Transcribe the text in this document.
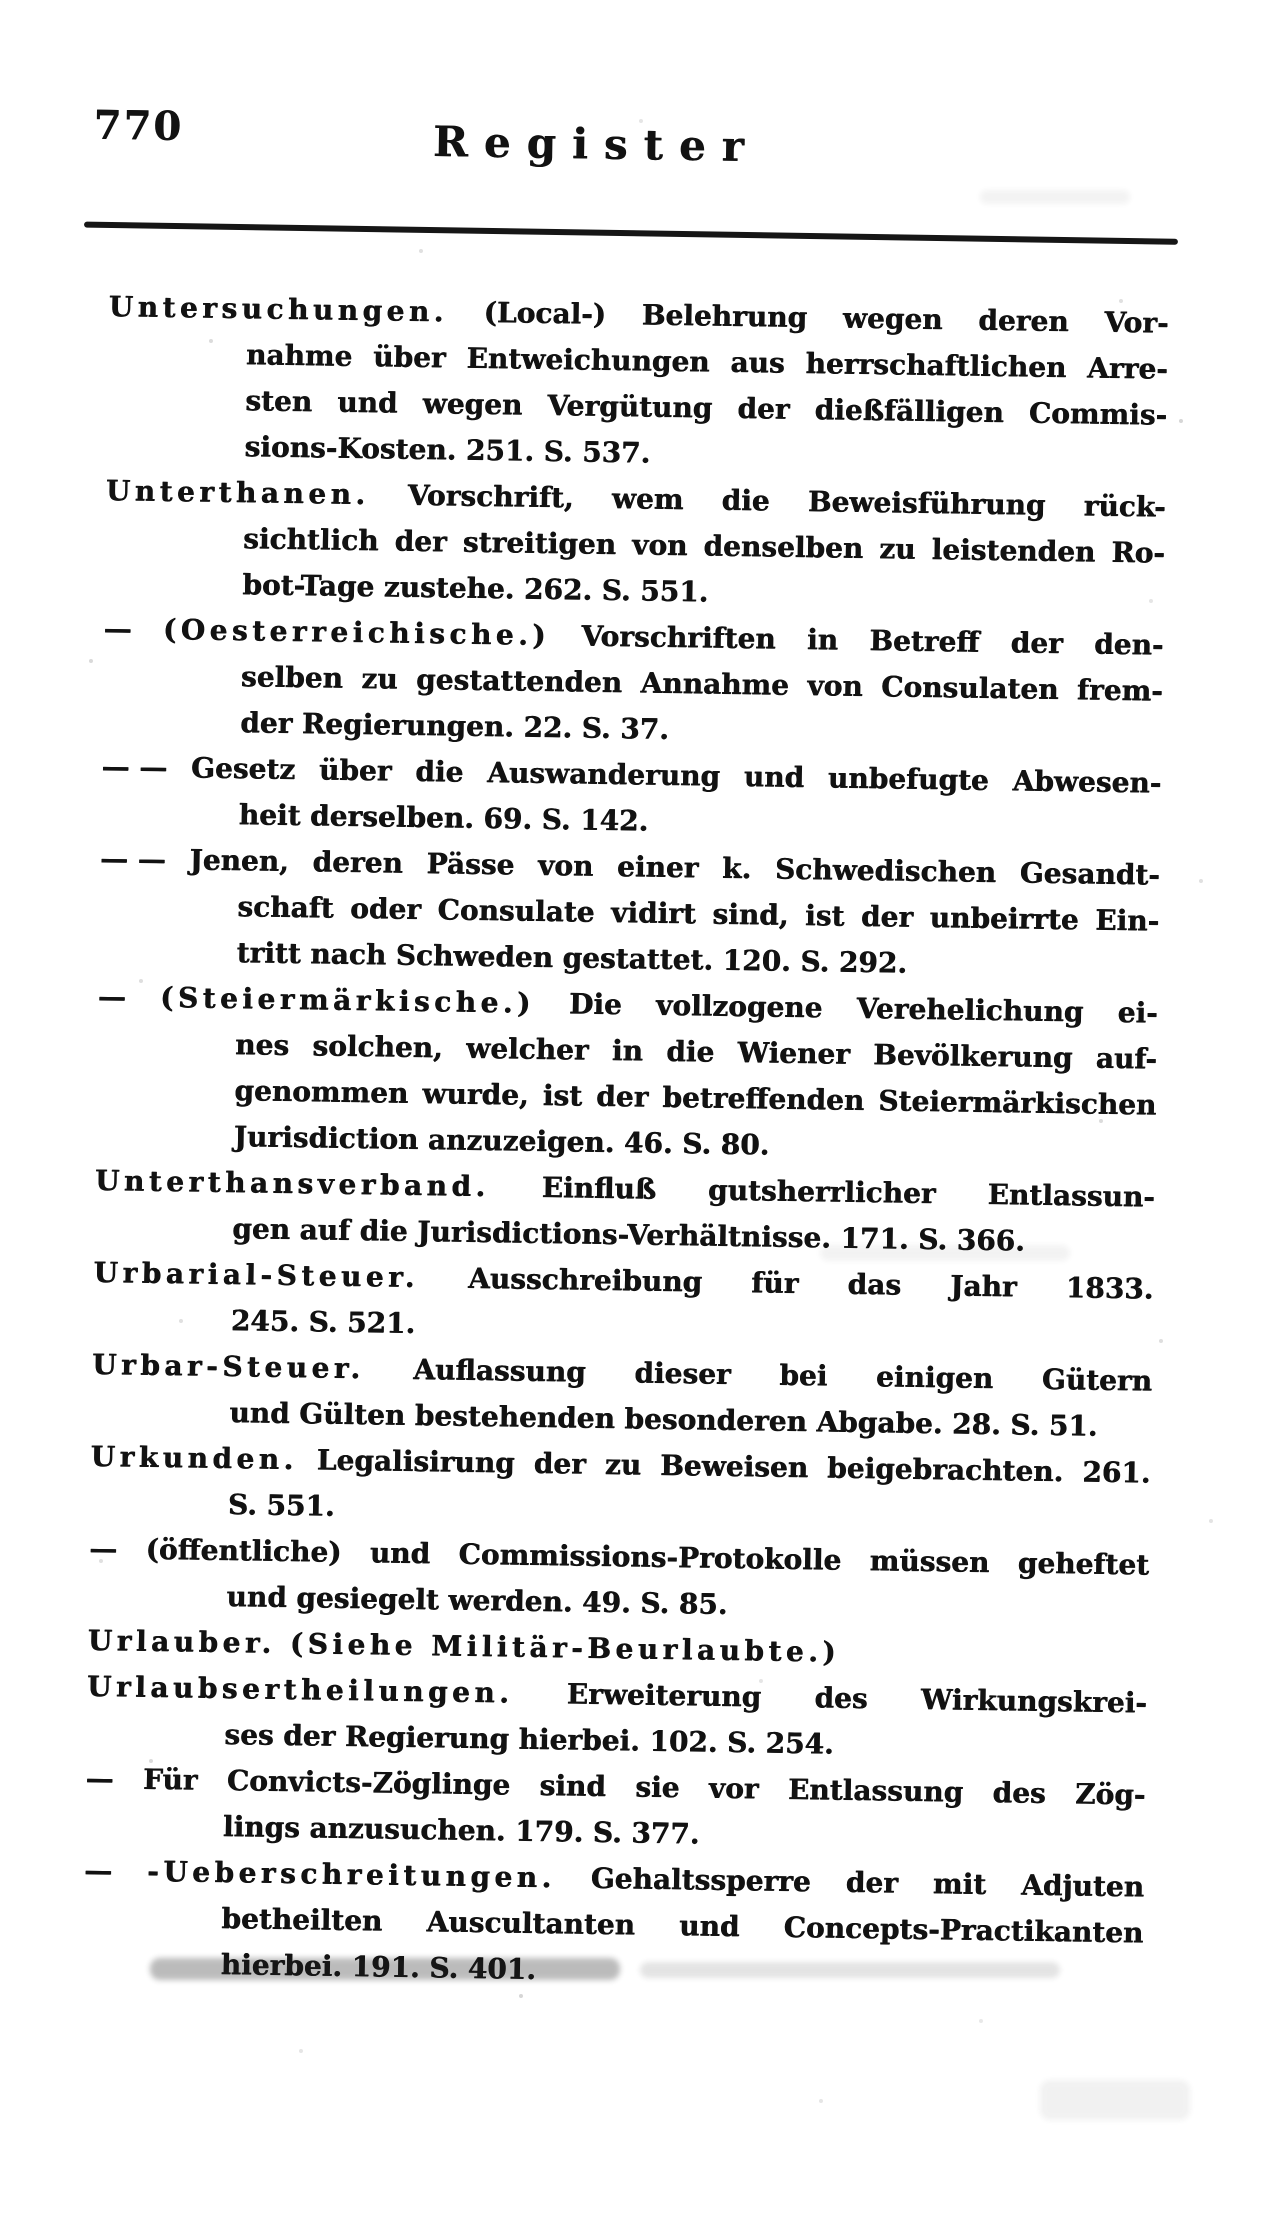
770	Register
Untersuchungen. (Local-) Belehrung wegen deren Vor-
nahme über Entweichungen aus herrschaftlichen Arre-
sten und wegen Vergütung der dießfälligen Commis-
sions-Kosten. 251. S. 537.
Unterthanen. Vorschrift, wem die Beweisführung rück-
sichtlich der streitigen von denselben zu leistenden Ro-
bot-Tage zustehe. 262. S. 551.
— (Oesterreichische.) Vorschriften in Betreff der den-
selben zu gestattenden Annahme von Consulaten frem-
der Regierungen. 22. S. 37.
— — Gesetz über die Auswanderung und unbefugte Abwesen-
heit derselben. 69. S. 142.
— — Jenen, deren Pässe von einer k. Schwedischen Gesandt-
schaft oder Consulate vidirt sind, ist der unbeirrte Ein-
tritt nach Schweden gestattet. 120. S. 292.
— (Steiermärkische.) Die vollzogene Verehelichung ei-
nes solchen, welcher in die Wiener Bevölkerung auf-
genommen wurde, ist der betreffenden Steiermärkischen
Jurisdiction anzuzeigen. 46. S. 80.
Unterthansverband. Einfluß gutsherrlicher Entlassun-
gen auf die Jurisdictions-Verhältnisse. 171. S. 366.
Urbarial-Steuer. Ausschreibung für das Jahr 1833.
245. S. 521.
Urbar-Steuer. Auflassung dieser bei einigen Gütern
und Gülten bestehenden besonderen Abgabe. 28. S. 51.
Urkunden. Legalisirung der zu Beweisen beigebrachten. 261.
S. 551.
— (öffentliche) und Commissions-Protokolle müssen geheftet
und gesiegelt werden. 49. S. 85.
Urlauber. (Siehe Militär-Beurlaubte.)
Urlaubsertheilungen. Erweiterung des Wirkungskrei-
ses der Regierung hierbei. 102. S. 254.
— Für Convicts-Zöglinge sind sie vor Entlassung des Zög-
lings anzusuchen. 179. S. 377.
— -Ueberschreitungen. Gehaltssperre der mit Adjuten
betheilten Auscultanten und Concepts-Practikanten
hierbei. 191. S. 401.
